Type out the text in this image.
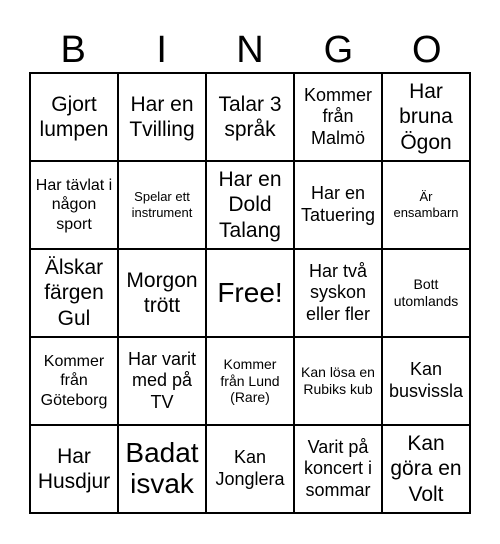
B	I	N	G	O
Gjort lumpen
Har en Tvilling
Talar 3 språk
Kommer från Malmö
Har bruna Ögon
Har tävlat i någon sport
Spelar ett instrument
Har en Dold Talang
Har en Tatuering
Är ensambarn
Älskar färgen Gul
Morgon trött	Free!
Har två syskon eller fler
Bott utomlands
Kommer från Göteborg
Har varit med på TV
Kommer från Lund (Rare)
Kan lösa en Rubiks kub
Kan busvissla
Har Husdjur
Badat isvak
Kan Jonglera
Varit på koncert i sommar
Kan göra en Volt
